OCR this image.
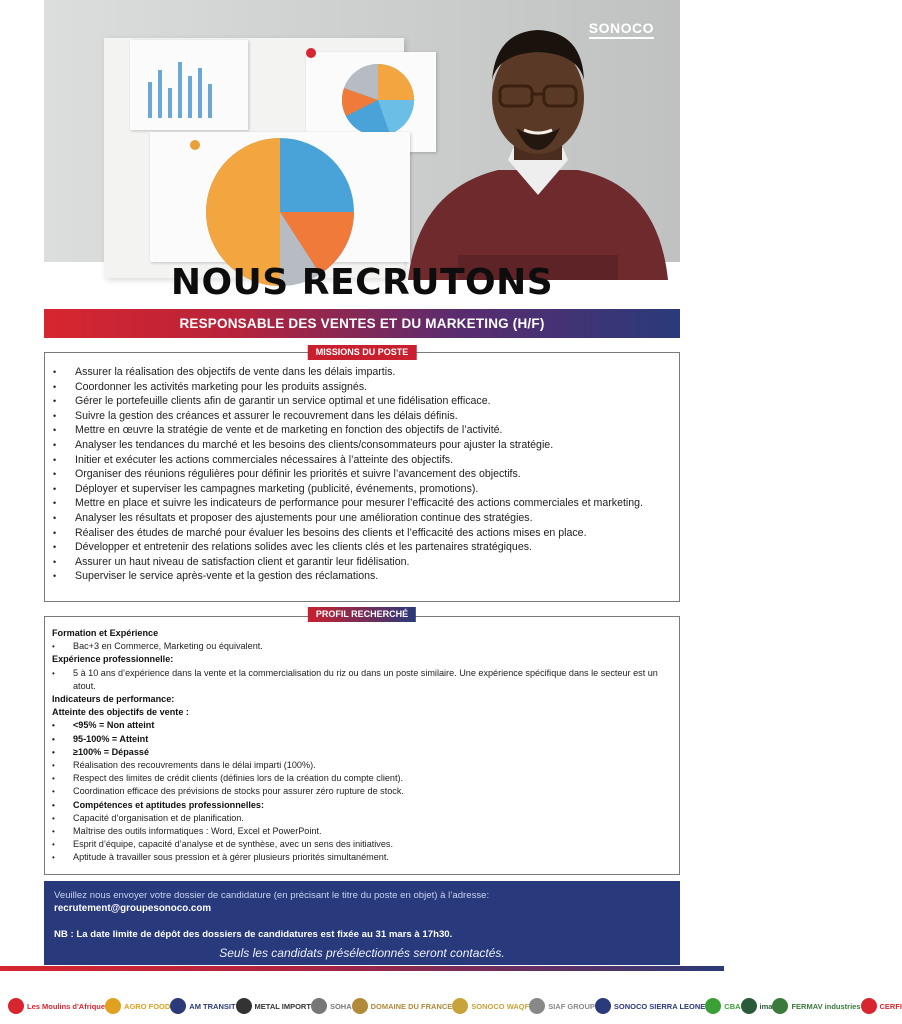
SONOCO
NOUS RECRUTONS
RESPONSABLE DES VENTES ET DU MARKETING (H/F)
• Assurer la réalisation des objectifs de vente dans les délais impartis.
• Coordonner les activités marketing pour les produits assignés.
• Gérer le portefeuille clients afin de garantir un service optimal et une fidélisation efficace.
• Suivre la gestion des créances et assurer le recouvrement dans les délais définis.
• Mettre en œuvre la stratégie de vente et de marketing en fonction des objectifs de l’activité.
• Analyser les tendances du marché et les besoins des clients/consommateurs pour ajuster la stratégie.
• Initier et exécuter les actions commerciales nécessaires à l’atteinte des objectifs.
• Organiser des réunions régulières pour définir les priorités et suivre l’avancement des objectifs.
• Déployer et superviser les campagnes marketing (publicité, événements, promotions).
• Mettre en place et suivre les indicateurs de performance pour mesurer l’efficacité des actions commerciales et marketing.
• Analyser les résultats et proposer des ajustements pour une amélioration continue des stratégies.
• Réaliser des études de marché pour évaluer les besoins des clients et l’efficacité des actions mises en place.
• Développer et entretenir des relations solides avec les clients clés et les partenaires stratégiques.
• Assurer un haut niveau de satisfaction client et garantir leur fidélisation.
• Superviser le service après-vente et la gestion des réclamations.
MISSIONS DU POSTE
Formation et Expérience
• Bac+3 en Commerce, Marketing ou équivalent.
Expérience professionnelle:
• 5 à 10 ans d’expérience dans la vente et la commercialisation du riz ou dans un poste similaire. Une expérience spécifique dans le secteur est un atout.
Indicateurs de performance:
Atteinte des objectifs de vente :
• <95% = Non atteint
• 95-100% = Atteint
• ≥100% = Dépassé
• Réalisation des recouvrements dans le délai imparti (100%).
• Respect des limites de crédit clients (définies lors de la création du compte client).
• Coordination efficace des prévisions de stocks pour assurer zéro rupture de stock.
• Compétences et aptitudes professionnelles:
• Capacité d’organisation et de planification.
• Maîtrise des outils informatiques : Word, Excel et PowerPoint.
• Esprit d’équipe, capacité d’analyse et de synthèse, avec un sens des initiatives.
• Aptitude à travailler sous pression et à gérer plusieurs priorités simultanément.
PROFIL RECHERCHÉ
Veuillez nous envoyer votre dossier de candidature (en précisant le titre du poste en objet) à l’adresse:
recrutement@groupesonoco.com
NB : La date limite de dépôt des dossiers de candidatures est fixée au 31 mars à 17h30.
Seuls les candidats présélectionnés seront contactés.
Les Moulins d'Afrique	AGRO FOOD	AM TRANSIT	METAL IMPORT	SOHA	DOMAINE DU FRANCE	SONOCO WAQF	SIAF GROUP	SONOCO SIERRA LEONE	CBA	ima	FERMAV industries	CERFI
